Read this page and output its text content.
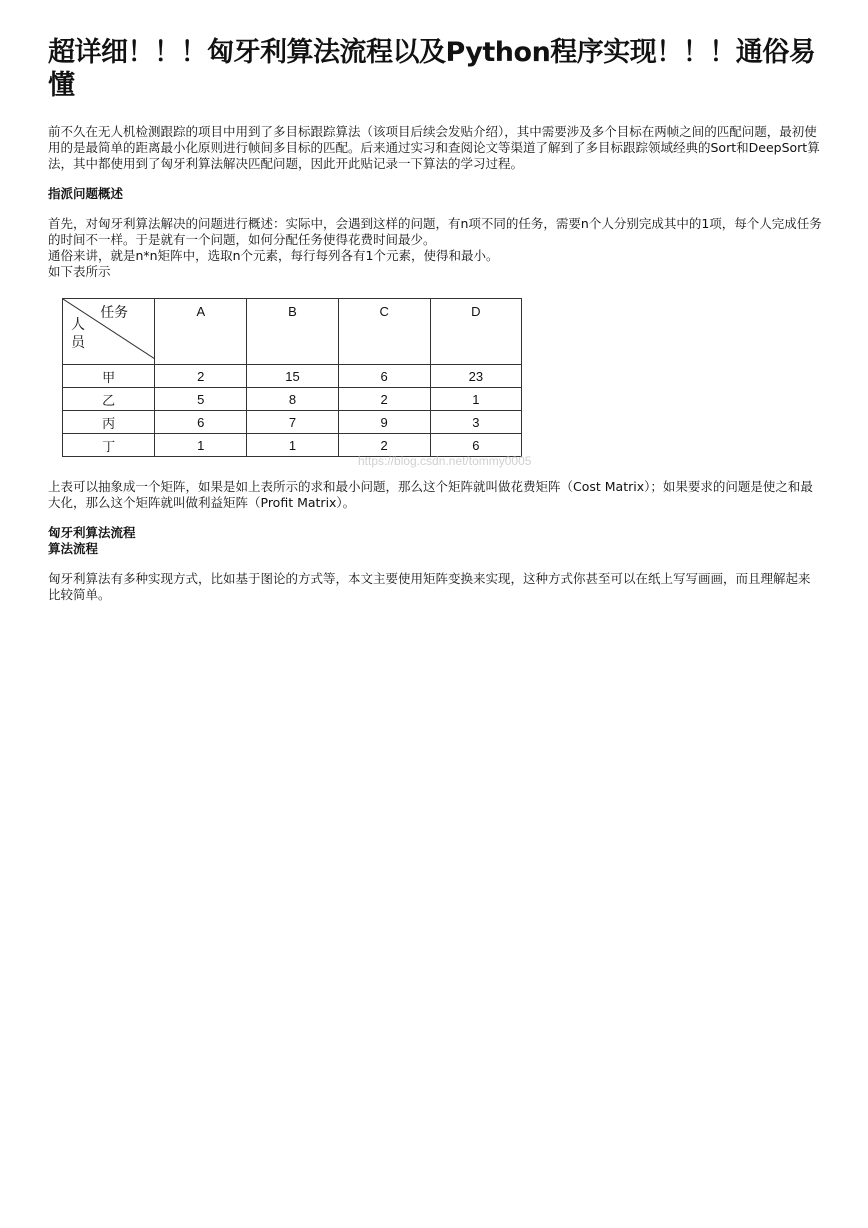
超详细！！！匈牙利算法流程以及Python程序实现！！！通俗易懂

前不久在无人机检测跟踪的项目中用到了多目标跟踪算法（该项目后续会发贴介绍），其中需要涉及多个目标在两帧之间的匹配问题，最初使用的是最简单的距离最小化原则进行帧间多目标的匹配。后来通过实习和查阅论文等渠道了解到了多目标跟踪领域经典的Sort和DeepSort算法，其中都使用到了匈牙利算法解决匹配问题，因此开此贴记录一下算法的学习过程。

指派问题概述

首先，对匈牙利算法解决的问题进行概述：实际中，会遇到这样的问题，有n项不同的任务，需要n个人分别完成其中的1项，每个人完成任务的时间不一样。于是就有一个问题，如何分配任务使得花费时间最少。

通俗来讲，就是n*n矩阵中，选取n个元素，每行每列各有1个元素，使得和最小。

如下表所示

任务
人员	A	B	C	D
甲	2	15	6	23
乙	5	8	2	1
丙	6	7	9	3
丁	1	1	2	6
https://blog.csdn.net/tommy0005

上表可以抽象成一个矩阵，如果是如上表所示的求和最小问题，那么这个矩阵就叫做花费矩阵（Cost Matrix）；如果要求的问题是使之和最大化，那么这个矩阵就叫做利益矩阵（Profit Matrix）。

匈牙利算法流程

算法流程

匈牙利算法有多种实现方式，比如基于图论的方式等，本文主要使用矩阵变换来实现，这种方式你甚至可以在纸上写写画画，而且理解起来比较简单。
